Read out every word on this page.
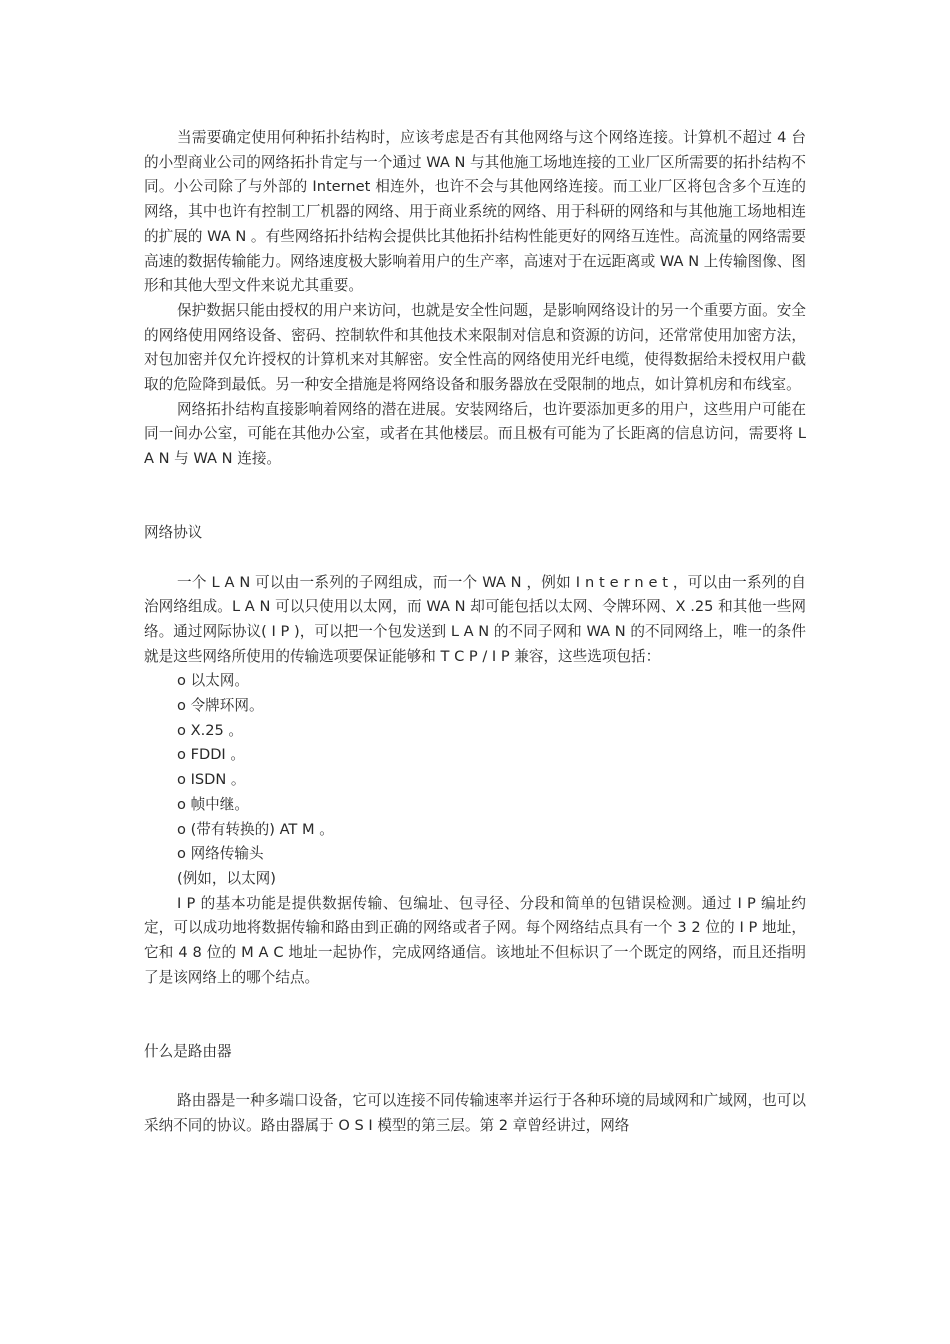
当需要确定使用何种拓扑结构时，应该考虑是否有其他网络与这个网络连接。计算机不超过 4 台的小型商业公司的网络拓扑肯定与一个通过 WA N 与其他施工场地连接的工业厂区所需要的拓扑结构不同。小公司除了与外部的 Internet 相连外，也许不会与其他网络连接。而工业厂区将包含多个互连的网络，其中也许有控制工厂机器的网络、用于商业系统的网络、用于科研的网络和与其他施工场地相连的扩展的 WA N 。有些网络拓扑结构会提供比其他拓扑结构性能更好的网络互连性。高流量的网络需要高速的数据传输能力。网络速度极大影响着用户的生产率，高速对于在远距离或 WA N 上传输图像、图形和其他大型文件来说尤其重要。

保护数据只能由授权的用户来访问，也就是安全性问题，是影响网络设计的另一个重要方面。安全的网络使用网络设备、密码、控制软件和其他技术来限制对信息和资源的访问，还常常使用加密方法，对包加密并仅允许授权的计算机来对其解密。安全性高的网络使用光纤电缆，使得数据给未授权用户截取的危险降到最低。另一种安全措施是将网络设备和服务器放在受限制的地点，如计算机房和布线室。

网络拓扑结构直接影响着网络的潜在进展。安装网络后，也许要添加更多的用户，这些用户可能在同一间办公室，可能在其他办公室，或者在其他楼层。而且极有可能为了长距离的信息访问，需要将 L A N 与 WA N 连接。

网络协议

一个 L A N 可以由一系列的子网组成，而一个 WA N ，例如 I n t e r n e t ，可以由一系列的自治网络组成。L A N 可以只使用以太网，而 WA N 却可能包括以太网、令牌环网、X .25 和其他一些网络。通过网际协议( I P )，可以把一个包发送到 L A N 的不同子网和 WA N 的不同网络上，唯一的条件就是这些网络所使用的传输选项要保证能够和 T C P / I P 兼容，这些选项包括：

o 以太网。

o 令牌环网。

o X.25 。

o FDDI 。

o ISDN 。

o 帧中继。

o (带有转换的) AT M 。

o 网络传输头

(例如，以太网)

I P 的基本功能是提供数据传输、包编址、包寻径、分段和简单的包错误检测。通过 I P 编址约定，可以成功地将数据传输和路由到正确的网络或者子网。每个网络结点具有一个 3 2 位的 I P 地址，它和 4 8 位的 M A C 地址一起协作，完成网络通信。该地址不但标识了一个既定的网络，而且还指明了是该网络上的哪个结点。

什么是路由器

路由器是一种多端口设备，它可以连接不同传输速率并运行于各种环境的局域网和广域网，也可以采纳不同的协议。路由器属于 O S I 模型的第三层。第 2 章曾经讲过，网络
